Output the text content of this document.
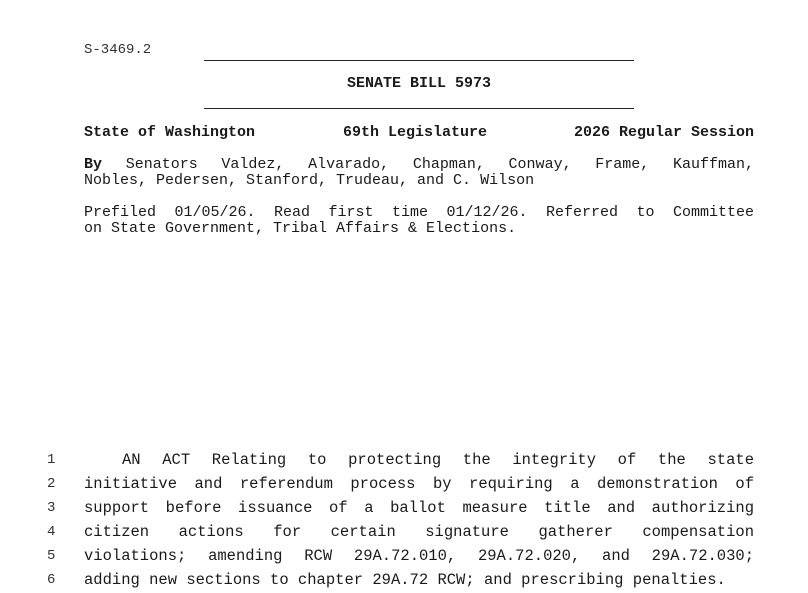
S-3469.2
SENATE BILL 5973
State of Washington	69th Legislature	2026 Regular Session
By Senators Valdez, Alvarado, Chapman, Conway, Frame, Kauffman,
Nobles, Pedersen, Stanford, Trudeau, and C. Wilson
Prefiled 01/05/26. Read first time 01/12/26. Referred to Committee
on State Government, Tribal Affairs & Elections.
1	AN ACT Relating to protecting the integrity of the state
2 initiative and referendum process by requiring a demonstration of
3 support before issuance of a ballot measure title and authorizing
4 citizen actions for certain signature gatherer compensation
5 violations; amending RCW 29A.72.010, 29A.72.020, and 29A.72.030;
6 adding new sections to chapter 29A.72 RCW; and prescribing penalties.
